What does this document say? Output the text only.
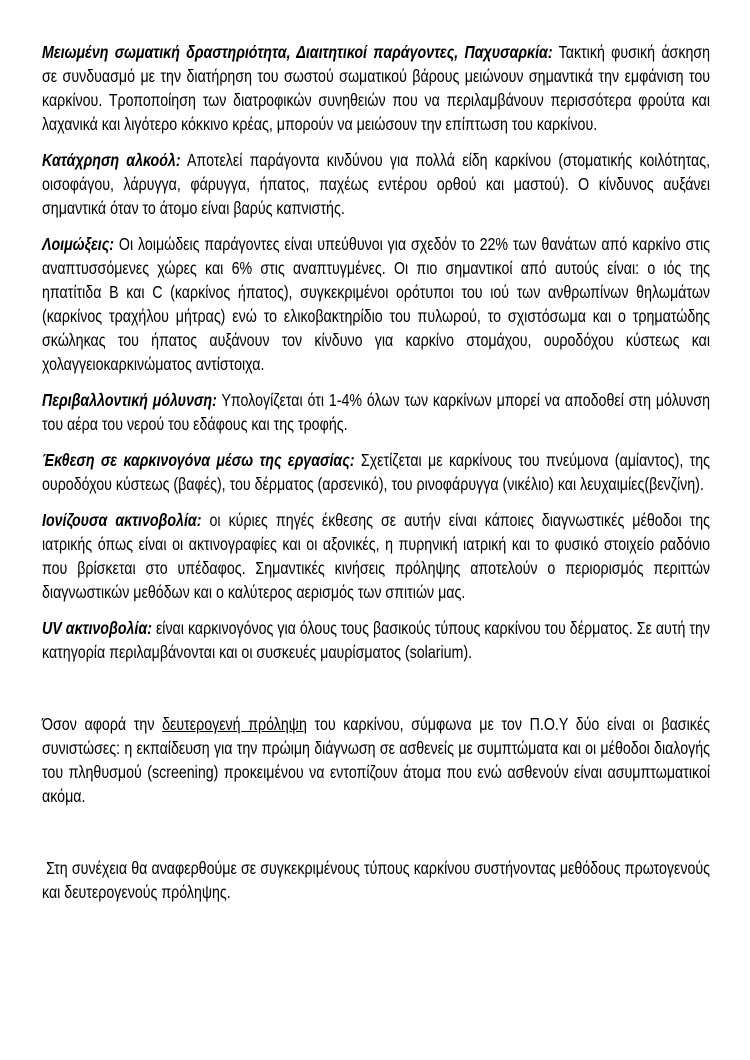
Μειωμένη σωματική δραστηριότητα, Διαιτητικοί παράγοντες, Παχυσαρκία: Τακτική φυσική άσκηση σε συνδυασμό με την διατήρηση του σωστού σωματικού βάρους μειώνουν σημαντικά την εμφάνιση του καρκίνου. Τροποποίηση των διατροφικών συνηθειών που να περιλαμβάνουν περισσότερα φρούτα και λαχανικά και λιγότερο κόκκινο κρέας, μπορούν να μειώσουν την επίπτωση του καρκίνου.

Κατάχρηση αλκοόλ: Αποτελεί παράγοντα κινδύνου για πολλά είδη καρκίνου (στοματικής κοιλότητας, οισοφάγου, λάρυγγα, φάρυγγα, ήπατος, παχέως εντέρου ορθού και μαστού). Ο κίνδυνος αυξάνει σημαντικά όταν το άτομο είναι βαρύς καπνιστής.

Λοιμώξεις: Οι λοιμώδεις παράγοντες είναι υπεύθυνοι για σχεδόν το 22% των θανάτων από καρκίνο στις αναπτυσσόμενες χώρες και 6% στις αναπτυγμένες. Οι πιο σημαντικοί από αυτούς είναι: ο ιός της ηπατίτιδα Β και C (καρκίνος ήπατος), συγκεκριμένοι ορότυποι του ιού των ανθρωπίνων θηλωμάτων (καρκίνος τραχήλου μήτρας) ενώ το ελικοβακτηρίδιο του πυλωρού, το σχιστόσωμα και ο τρηματώδης σκώληκας του ήπατος αυξάνουν τον κίνδυνο για καρκίνο στομάχου, ουροδόχου κύστεως και χολαγγειοκαρκινώματος αντίστοιχα.

Περιβαλλοντική μόλυνση: Υπολογίζεται ότι 1-4% όλων των καρκίνων μπορεί να αποδοθεί στη μόλυνση του αέρα του νερού του εδάφους και της τροφής.

Έκθεση σε καρκινογόνα μέσω της εργασίας: Σχετίζεται με καρκίνους του πνεύμονα (αμίαντος), της ουροδόχου κύστεως (βαφές), του δέρματος (αρσενικό), του ρινοφάρυγγα (νικέλιο) και λευχαιμίες(βενζίνη).

Ιονίζουσα ακτινοβολία: οι κύριες πηγές έκθεσης σε αυτήν είναι κάποιες διαγνωστικές μέθοδοι της ιατρικής όπως είναι οι ακτινογραφίες και οι αξονικές, η πυρηνική ιατρική και το φυσικό στοιχείο ραδόνιο που βρίσκεται στο υπέδαφος. Σημαντικές κινήσεις πρόληψης αποτελούν ο περιορισμός περιττών διαγνωστικών μεθόδων και ο καλύτερος αερισμός των σπιτιών μας.

UV ακτινοβολία: είναι καρκινογόνος για όλους τους βασικούς τύπους καρκίνου του δέρματος. Σε αυτή την κατηγορία περιλαμβάνονται και οι συσκευές μαυρίσματος (solarium).

Όσον αφορά την δευτερογενή πρόληψη του καρκίνου, σύμφωνα με τον Π.Ο.Υ δύο είναι οι βασικές συνιστώσες: η εκπαίδευση για την πρώιμη διάγνωση σε ασθενείς με συμπτώματα και οι μέθοδοι διαλογής του πληθυσμού (screening) προκειμένου να εντοπίζουν άτομα που ενώ ασθενούν είναι ασυμπτωματικοί ακόμα.

Στη συνέχεια θα αναφερθούμε σε συγκεκριμένους τύπους καρκίνου συστήνοντας μεθόδους πρωτογενούς και δευτερογενούς πρόληψης.
